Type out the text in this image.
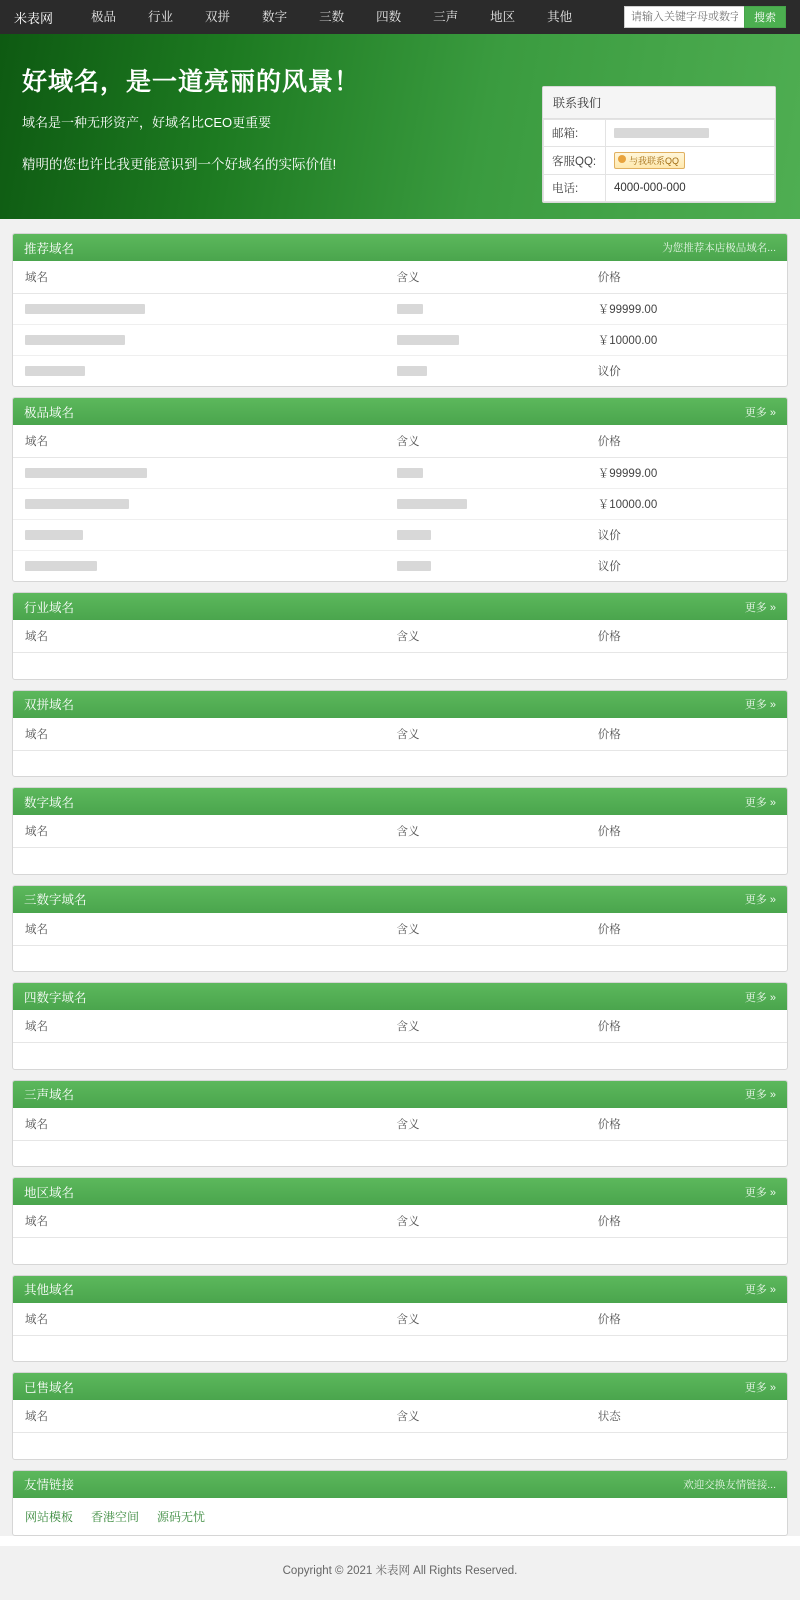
米表网	极品	行业	双拼	数字	三数	四数	三声	地区	其他
请输入关键字母或数字	搜索
好域名，是一道亮丽的风景！
域名是一种无形资产，好域名比CEO更重要
精明的您也许比我更能意识到一个好域名的实际价值!
联系我们
邮箱:	
客服QQ:	与我联系QQ
电话:	4000-000-000
推荐域名	为您推荐本店极品域名...
域名	含义	价格
		￥99999.00
		￥10000.00
		议价
极品域名	更多 »
域名	含义	价格
		￥99999.00
		￥10000.00
		议价
		议价
行业域名	更多 »
域名	含义	价格

双拼域名	更多 »
域名	含义	价格

数字域名	更多 »
域名	含义	价格

三数字域名	更多 »
域名	含义	价格

四数字域名	更多 »
域名	含义	价格

三声域名	更多 »
域名	含义	价格

地区域名	更多 »
域名	含义	价格

其他域名	更多 »
域名	含义	价格

已售域名	更多 »
域名	含义	状态

友情链接	欢迎交换友情链接...
网站模板 香港空间 源码无忧
Copyright © 2021 米表网 All Rights Reserved.
